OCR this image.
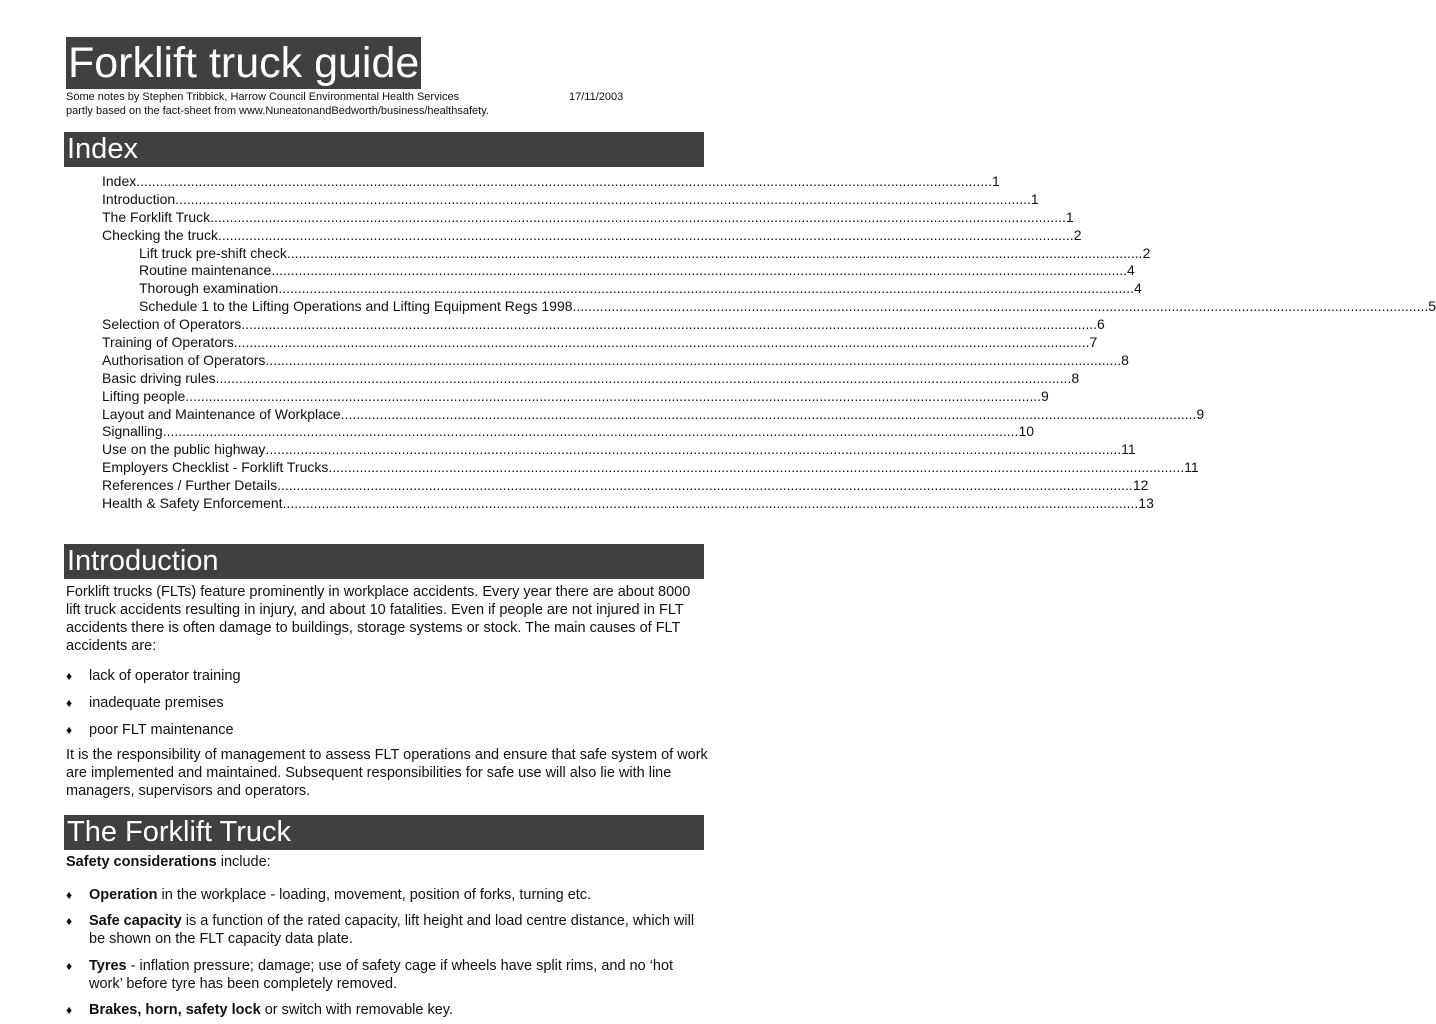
Forklift truck guide
Some notes by Stephen Tribbick, Harrow Council Environmental Health Services	17/11/2003
partly based on the fact-sheet from www.NuneatonandBedworth/business/healthsafety.
Index
Index ............................................................................................................................................................................................................................ 1
Introduction ............................................................................................................................................................................................................................ 1
The Forklift Truck ............................................................................................................................................................................................................................ 1
Checking the truck ............................................................................................................................................................................................................................ 2
Lift truck pre-shift check ............................................................................................................................................................................................................................ 2
Routine maintenance ............................................................................................................................................................................................................................ 4
Thorough examination ............................................................................................................................................................................................................................ 4
Schedule 1 to the Lifting Operations and Lifting Equipment Regs 1998 ............................................................................................................................................................................................................................ 5
Selection of Operators ............................................................................................................................................................................................................................ 6
Training of Operators ............................................................................................................................................................................................................................ 7
Authorisation of Operators ............................................................................................................................................................................................................................ 8
Basic driving rules ............................................................................................................................................................................................................................ 8
Lifting people ............................................................................................................................................................................................................................ 9
Layout and Maintenance of Workplace ............................................................................................................................................................................................................................ 9
Signalling ............................................................................................................................................................................................................................ 10
Use on the public highway ............................................................................................................................................................................................................................ 11
Employers Checklist - Forklift Trucks ............................................................................................................................................................................................................................ 11
References / Further Details ............................................................................................................................................................................................................................ 12
Health & Safety Enforcement ............................................................................................................................................................................................................................ 13
Introduction

Forklift trucks (FLTs) feature prominently in workplace accidents. Every year there are about 8000 lift truck accidents resulting in injury, and about 10 fatalities. Even if people are not injured in FLT accidents there is often damage to buildings, storage systems or stock. The main causes of FLT accidents are:

♦ lack of operator training
♦ inadequate premises
♦ poor FLT maintenance

It is the responsibility of management to assess FLT operations and ensure that safe system of work are implemented and maintained. Subsequent responsibilities for safe use will also lie with line managers, supervisors and operators.

The Forklift Truck
Safety considerations include:
♦ Operation in the workplace - loading, movement, position of forks, turning etc.
♦ Safe capacity is a function of the rated capacity, lift height and load centre distance, which will be shown on the FLT capacity data plate.
♦ Tyres - inflation pressure; damage; use of safety cage if wheels have split rims, and no ‘hot work’ before tyre has been completely removed.
♦ Brakes, horn, safety lock or switch with removable key.
